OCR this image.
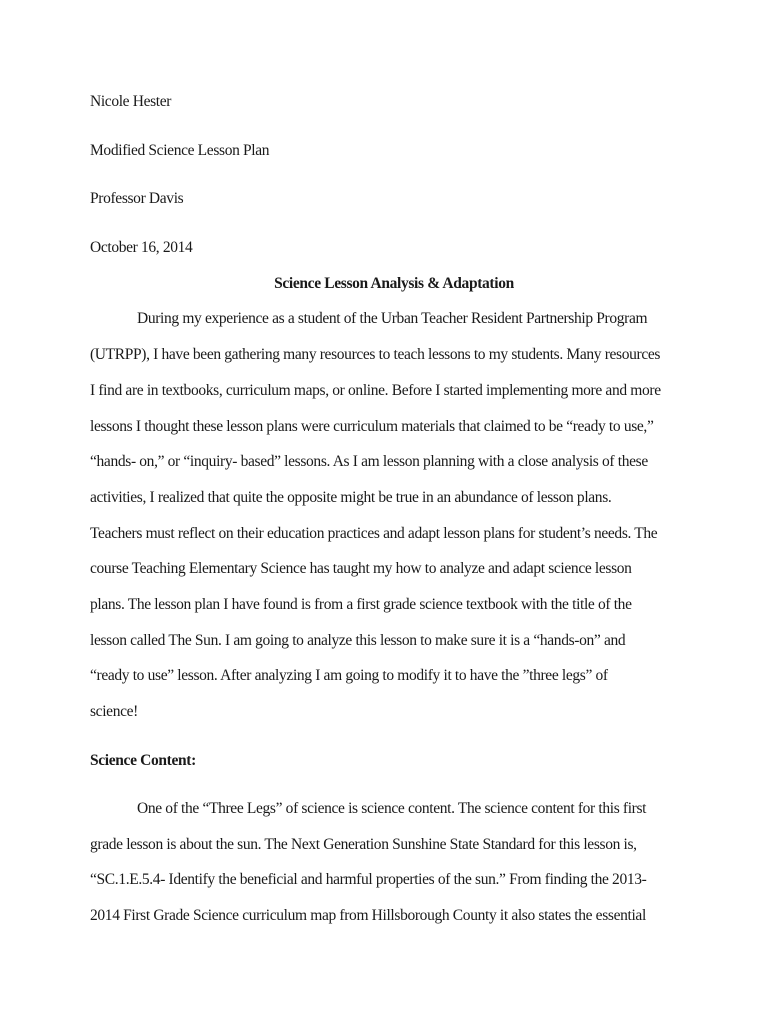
Nicole Hester
Modified Science Lesson Plan
Professor Davis
October 16, 2014
Science Lesson Analysis & Adaptation
During my experience as a student of the Urban Teacher Resident Partnership Program
(UTRPP), I have been gathering many resources to teach lessons to my students. Many resources
I find are in textbooks, curriculum maps, or online. Before I started implementing more and more
lessons I thought these lesson plans were curriculum materials that claimed to be “ready to use,”
“hands- on,” or “inquiry- based” lessons. As I am lesson planning with a close analysis of these
activities, I realized that quite the opposite might be true in an abundance of lesson plans.
Teachers must reflect on their education practices and adapt lesson plans for student’s needs. The
course Teaching Elementary Science has taught my how to analyze and adapt science lesson
plans. The lesson plan I have found is from a first grade science textbook with the title of the
lesson called The Sun. I am going to analyze this lesson to make sure it is a “hands-on” and
“ready to use” lesson. After analyzing I am going to modify it to have the ”three legs” of
science!
Science Content:
One of the “Three Legs” of science is science content. The science content for this first
grade lesson is about the sun. The Next Generation Sunshine State Standard for this lesson is,
“SC.1.E.5.4- Identify the beneficial and harmful properties of the sun.” From finding the 2013-
2014 First Grade Science curriculum map from Hillsborough County it also states the essential
